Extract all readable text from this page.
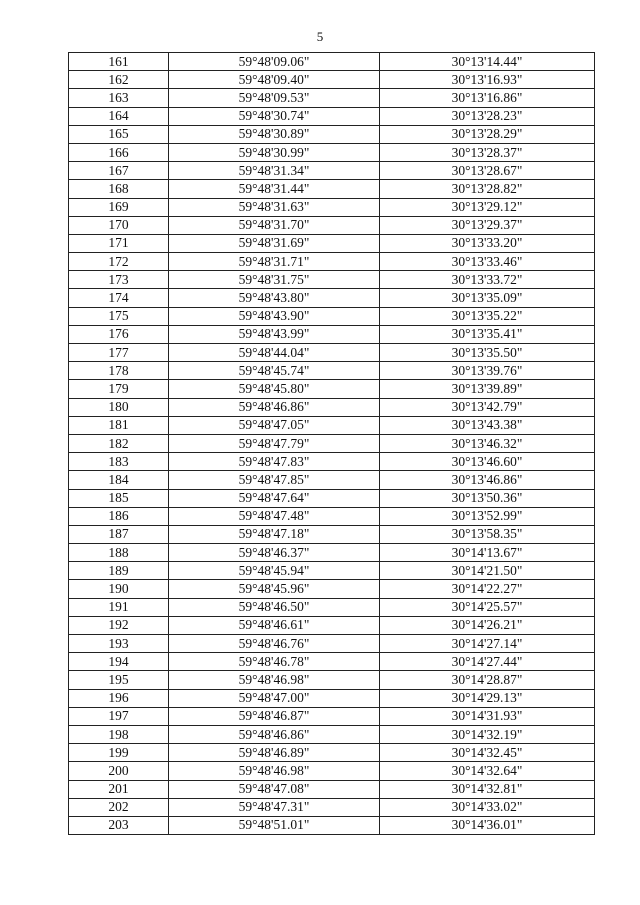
5
161	59°48'09.06"	30°13'14.44"
162	59°48'09.40"	30°13'16.93"
163	59°48'09.53"	30°13'16.86"
164	59°48'30.74"	30°13'28.23"
165	59°48'30.89"	30°13'28.29"
166	59°48'30.99"	30°13'28.37"
167	59°48'31.34"	30°13'28.67"
168	59°48'31.44"	30°13'28.82"
169	59°48'31.63"	30°13'29.12"
170	59°48'31.70"	30°13'29.37"
171	59°48'31.69"	30°13'33.20"
172	59°48'31.71"	30°13'33.46"
173	59°48'31.75"	30°13'33.72"
174	59°48'43.80"	30°13'35.09"
175	59°48'43.90"	30°13'35.22"
176	59°48'43.99"	30°13'35.41"
177	59°48'44.04"	30°13'35.50"
178	59°48'45.74"	30°13'39.76"
179	59°48'45.80"	30°13'39.89"
180	59°48'46.86"	30°13'42.79"
181	59°48'47.05"	30°13'43.38"
182	59°48'47.79"	30°13'46.32"
183	59°48'47.83"	30°13'46.60"
184	59°48'47.85"	30°13'46.86"
185	59°48'47.64"	30°13'50.36"
186	59°48'47.48"	30°13'52.99"
187	59°48'47.18"	30°13'58.35"
188	59°48'46.37"	30°14'13.67"
189	59°48'45.94"	30°14'21.50"
190	59°48'45.96"	30°14'22.27"
191	59°48'46.50"	30°14'25.57"
192	59°48'46.61"	30°14'26.21"
193	59°48'46.76"	30°14'27.14"
194	59°48'46.78"	30°14'27.44"
195	59°48'46.98"	30°14'28.87"
196	59°48'47.00"	30°14'29.13"
197	59°48'46.87"	30°14'31.93"
198	59°48'46.86"	30°14'32.19"
199	59°48'46.89"	30°14'32.45"
200	59°48'46.98"	30°14'32.64"
201	59°48'47.08"	30°14'32.81"
202	59°48'47.31"	30°14'33.02"
203	59°48'51.01"	30°14'36.01"
